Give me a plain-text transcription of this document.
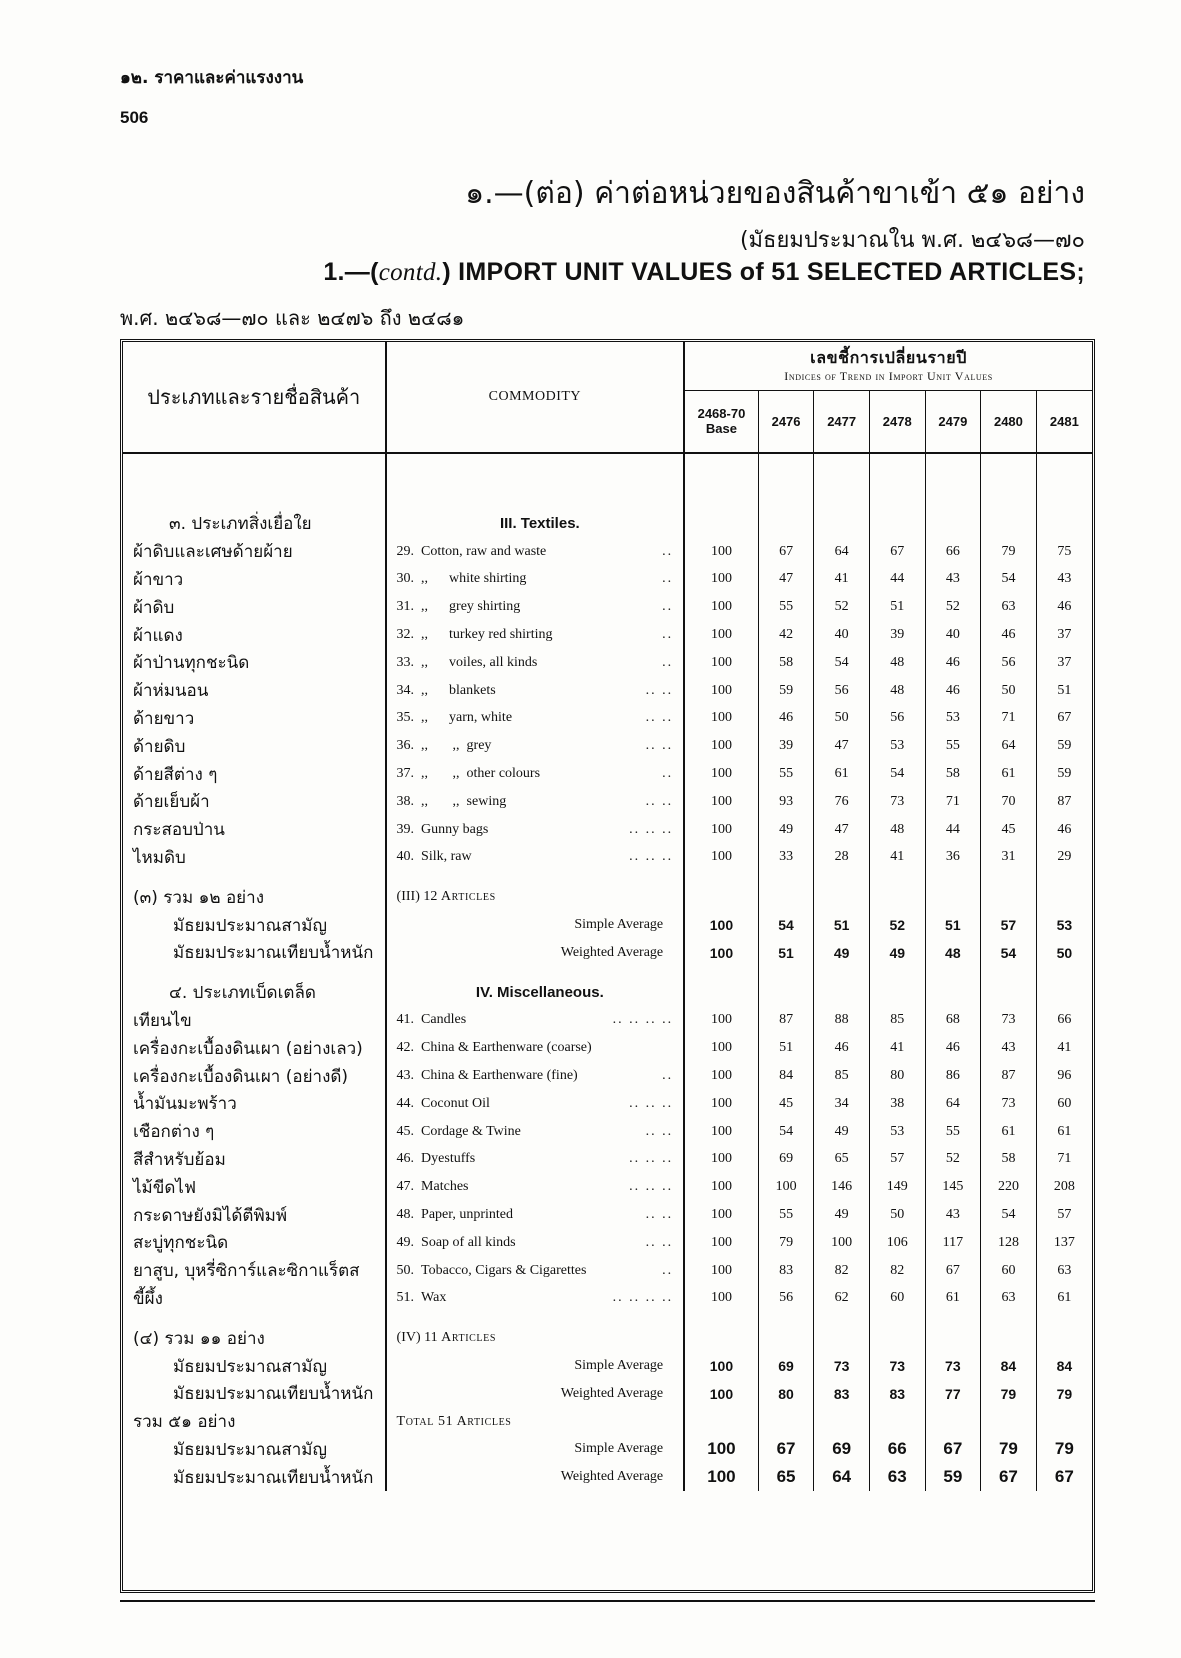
๑๒. ราคาและค่าแรงงาน
506
๑.—(ต่อ) ค่าต่อหน่วยของสินค้าขาเข้า ๕๑ อย่าง
(มัธยมประมาณใน พ.ศ. ๒๔๖๘—๗๐
1.—(contd.) IMPORT UNIT VALUES of 51 SELECTED ARTICLES;
พ.ศ. ๒๔๖๘—๗๐ และ ๒๔๗๖ ถึง ๒๔๘๑
ประเภทและรายชื่อสินค้า	COMMODITY	เลขชี้การเปลี่ยนรายปี
Indices of Trend in Import Unit Values						
		2468-70
Base	2476	2477	2478	2479	2480	2481

๓. ประเภทสิ่งเยื่อใย	III. Textiles.							
ผ้าดิบและเศษด้ายผ้าย	29. Cotton, raw and waste ..	100	67	64	67	66	79	75
ผ้าขาว	30. ,,      white shirting ..	100	47	41	44	43	54	43
ผ้าดิบ	31. ,,      grey shirting ..	100	55	52	51	52	63	46
ผ้าแดง	32. ,,      turkey red shirting ..	100	42	40	39	40	46	37
ผ้าป่านทุกชะนิด	33. ,,      voiles, all kinds ..	100	58	54	48	46	56	37
ผ้าห่มนอน	34. ,,      blankets .. ..	100	59	56	48	46	50	51
ด้ายขาว	35. ,,      yarn, white .. ..	100	46	50	56	53	71	67
ด้ายดิบ	36. ,,       ,,  grey .. ..	100	39	47	53	55	64	59
ด้ายสีต่าง ๆ	37. ,,       ,,  other colours ..	100	55	61	54	58	61	59
ด้ายเย็บผ้า	38. ,,       ,,  sewing .. ..	100	93	76	73	71	70	87
กระสอบป่าน	39. Gunny bags .. .. ..	100	49	47	48	44	45	46
ไหมดิบ	40. Silk, raw .. .. ..	100	33	28	41	36	31	29

(๓) รวม ๑๒ อย่าง	(III) 12 Articles							
มัธยมประมาณสามัญ	Simple Average	100	54	51	52	51	57	53
มัธยมประมาณเทียบน้ำหนัก	Weighted Average	100	51	49	49	48	54	50

๔. ประเภทเบ็ดเตล็ด	IV. Miscellaneous.							
เทียนไข	41. Candles .. .. .. ..	100	87	88	85	68	73	66
เครื่องกะเบื้องดินเผา (อย่างเลว)	42. China & Earthenware (coarse)	100	51	46	41	46	43	41
เครื่องกะเบื้องดินเผา (อย่างดี)	43. China & Earthenware (fine) ..	100	84	85	80	86	87	96
น้ำมันมะพร้าว	44. Coconut Oil .. .. ..	100	45	34	38	64	73	60
เชือกต่าง ๆ	45. Cordage & Twine .. ..	100	54	49	53	55	61	61
สีสำหรับย้อม	46. Dyestuffs .. .. ..	100	69	65	57	52	58	71
ไม้ขีดไฟ	47. Matches .. .. ..	100	100	146	149	145	220	208
กระดาษยังมิได้ตีพิมพ์	48. Paper, unprinted .. ..	100	55	49	50	43	54	57
สะบู่ทุกชะนิด	49. Soap of all kinds .. ..	100	79	100	106	117	128	137
ยาสูบ, บุหรี่ซิการ์และซิกาแร็ตส	50. Tobacco, Cigars & Cigarettes ..	100	83	82	82	67	60	63
ขี้ผึ้ง	51. Wax .. .. .. ..	100	56	62	60	61	63	61

(๔) รวม ๑๑ อย่าง	(IV) 11 Articles							
มัธยมประมาณสามัญ	Simple Average	100	69	73	73	73	84	84
มัธยมประมาณเทียบน้ำหนัก	Weighted Average	100	80	83	83	77	79	79
รวม ๕๑ อย่าง	Total 51 Articles							
มัธยมประมาณสามัญ	Simple Average	100	67	69	66	67	79	79
มัธยมประมาณเทียบน้ำหนัก	Weighted Average	100	65	64	63	59	67	67
